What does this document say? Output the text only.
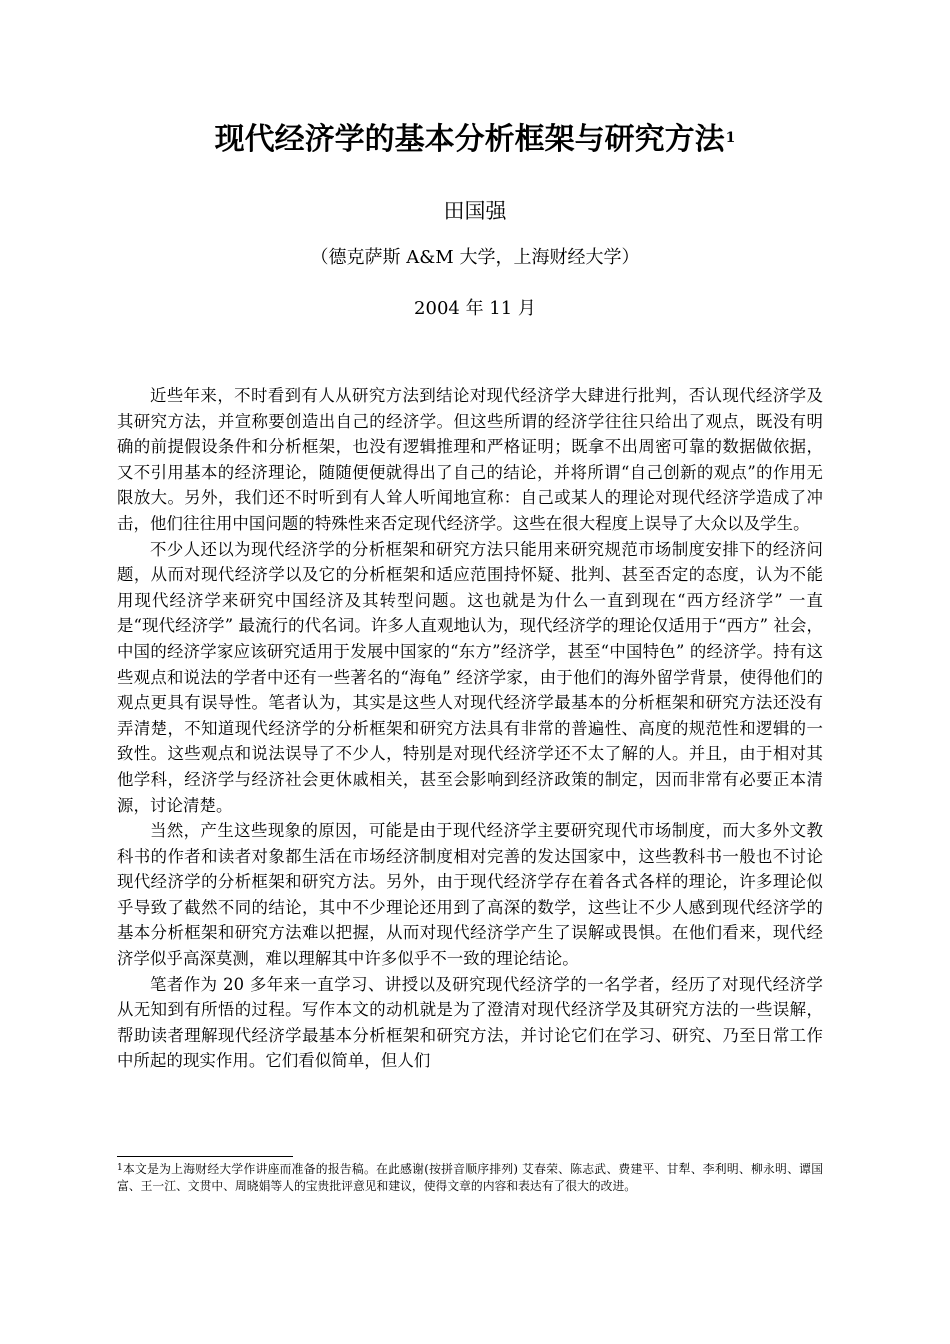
现代经济学的基本分析框架与研究方法$^1$
田国强
（德克萨斯 A&M 大学，上海财经大学）
2004 年 11 月

近些年来，不时看到有人从研究方法到结论对现代经济学大肆进行批判，否认现代经济学及其研究方法，并宣称要创造出自己的经济学。但这些所谓的经济学往往只给出了观点，既没有明确的前提假设条件和分析框架，也没有逻辑推理和严格证明；既拿不出周密可靠的数据做依据，又不引用基本的经济理论，随随便便就得出了自己的结论，并将所谓“自己创新的观点”的作用无限放大。另外，我们还不时听到有人耸人听闻地宣称：自己或某人的理论对现代经济学造成了冲击，他们往往用中国问题的特殊性来否定现代经济学。这些在很大程度上误导了大众以及学生。

不少人还以为现代经济学的分析框架和研究方法只能用来研究规范市场制度安排下的经济问题，从而对现代经济学以及它的分析框架和适应范围持怀疑、批判、甚至否定的态度，认为不能用现代经济学来研究中国经济及其转型问题。这也就是为什么一直到现在“西方经济学” 一直是“现代经济学” 最流行的代名词。许多人直观地认为，现代经济学的理论仅适用于“西方” 社会，中国的经济学家应该研究适用于发展中国家的“东方”经济学，甚至“中国特色” 的经济学。持有这些观点和说法的学者中还有一些著名的“海龟” 经济学家，由于他们的海外留学背景，使得他们的观点更具有误导性。笔者认为，其实是这些人对现代经济学最基本的分析框架和研究方法还没有弄清楚，不知道现代经济学的分析框架和研究方法具有非常的普遍性、高度的规范性和逻辑的一致性。这些观点和说法误导了不少人，特别是对现代经济学还不太了解的人。并且，由于相对其他学科，经济学与经济社会更休戚相关，甚至会影响到经济政策的制定，因而非常有必要正本清源，讨论清楚。

当然，产生这些现象的原因，可能是由于现代经济学主要研究现代市场制度，而大多外文教科书的作者和读者对象都生活在市场经济制度相对完善的发达国家中，这些教科书一般也不讨论现代经济学的分析框架和研究方法。另外，由于现代经济学存在着各式各样的理论，许多理论似乎导致了截然不同的结论，其中不少理论还用到了高深的数学，这些让不少人感到现代经济学的基本分析框架和研究方法难以把握，从而对现代经济学产生了误解或畏惧。在他们看来，现代经济学似乎高深莫测，难以理解其中许多似乎不一致的理论结论。

笔者作为 20 多年来一直学习、讲授以及研究现代经济学的一名学者，经历了对现代经济学从无知到有所悟的过程。写作本文的动机就是为了澄清对现代经济学及其研究方法的一些误解，帮助读者理解现代经济学最基本分析框架和研究方法，并讨论它们在学习、研究、乃至日常工作中所起的现实作用。它们看似简单，但人们

$^1$本文是为上海财经大学作讲座而准备的报告稿。在此感谢(按拼音顺序排列) 艾春荣、陈志武、费建平、甘犁、李利明、柳永明、谭国富、王一江、文贯中、周晓娟等人的宝贵批评意见和建议，使得文章的内容和表达有了很大的改进。
